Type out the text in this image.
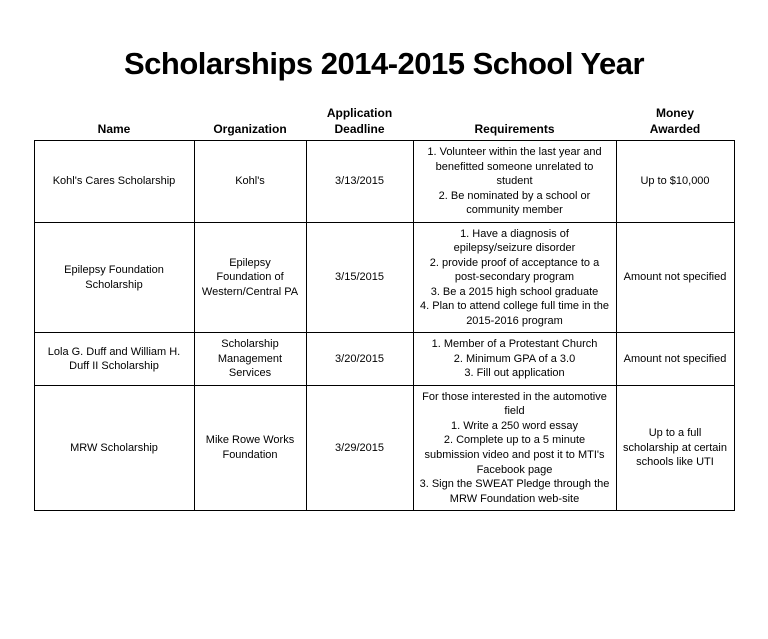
Scholarships 2014-2015 School Year
Name	Organization	Application Deadline	Requirements	Money Awarded
Kohl's Cares Scholarship	Kohl's	3/13/2015	1. Volunteer within the last year and benefitted someone unrelated to student
2. Be nominated by a school or community member	Up to $10,000
Epilepsy Foundation Scholarship	Epilepsy Foundation of Western/Central PA	3/15/2015	1. Have a diagnosis of epilepsy/seizure disorder
2. provide proof of acceptance to a post-secondary program
3. Be a 2015 high school graduate
4. Plan to attend college full time in the 2015-2016 program	Amount not specified
Lola G. Duff and William H. Duff II Scholarship	Scholarship Management Services	3/20/2015	1. Member of a Protestant Church
2. Minimum GPA of a 3.0
3. Fill out application	Amount not specified
MRW Scholarship	Mike Rowe Works Foundation	3/29/2015	For those interested in the automotive field
1. Write a 250 word essay
2. Complete up to a 5 minute submission video and post it to MTI's Facebook page
3. Sign the SWEAT Pledge through the MRW Foundation web-site	Up to a full scholarship at certain schools like UTI
